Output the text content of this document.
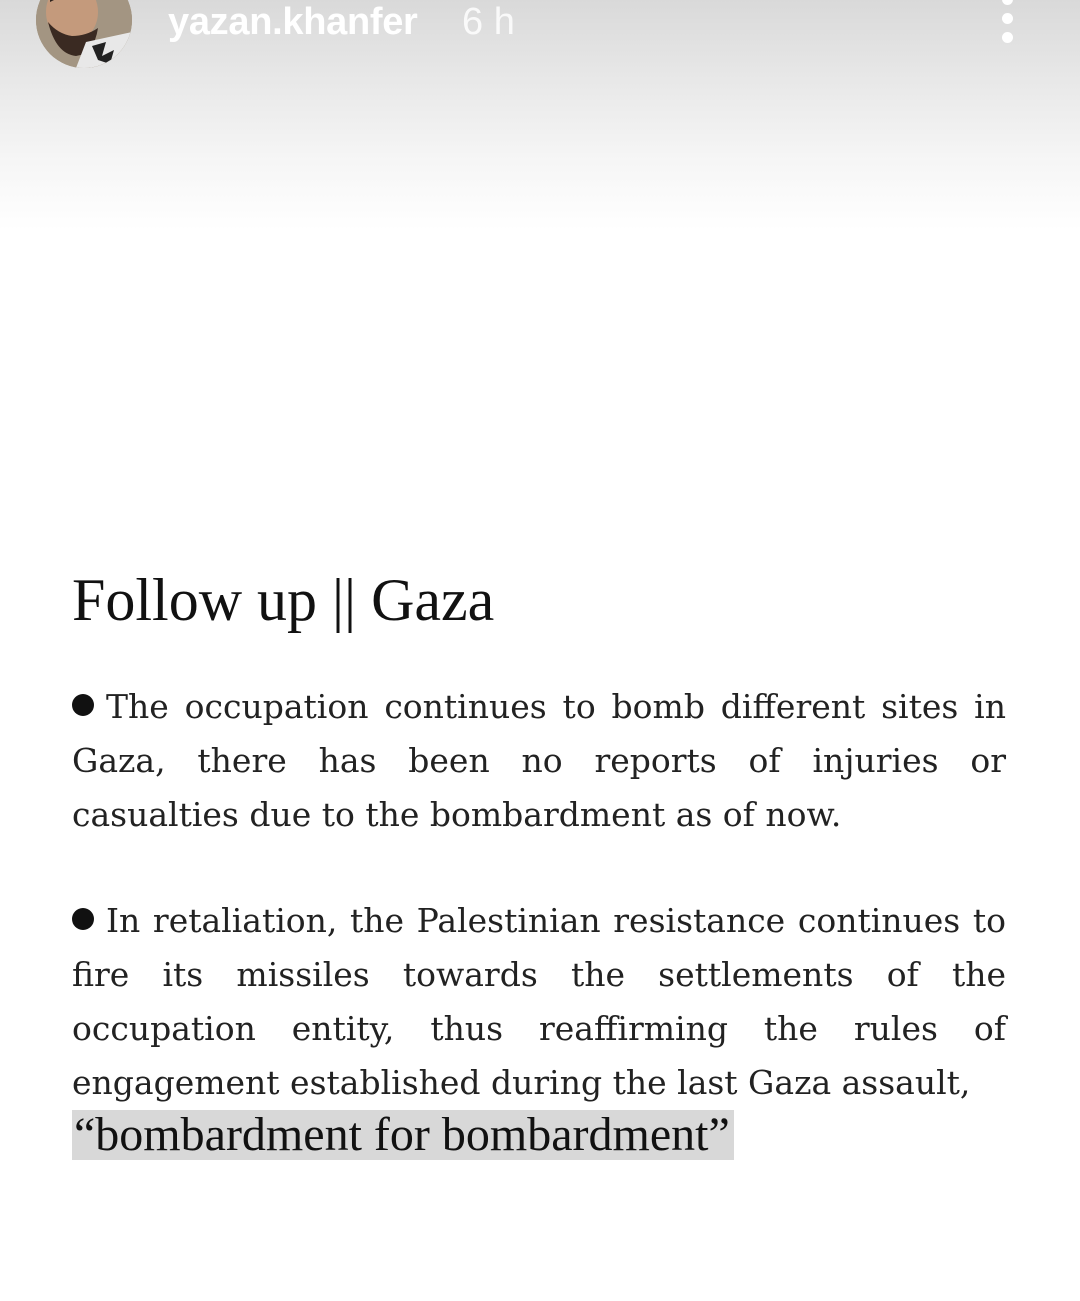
yazan.khanfer 6 h
Follow up || Gaza

The occupation continues to bomb different sites in Gaza, there has been no reports of injuries or casualties due to the bombardment as of now.

In retaliation, the Palestinian resistance continues to fire its missiles towards the settlements of the occupation entity, thus reaffirming the rules of engagement established during the last Gaza assault,
“bombardment for bombardment”
